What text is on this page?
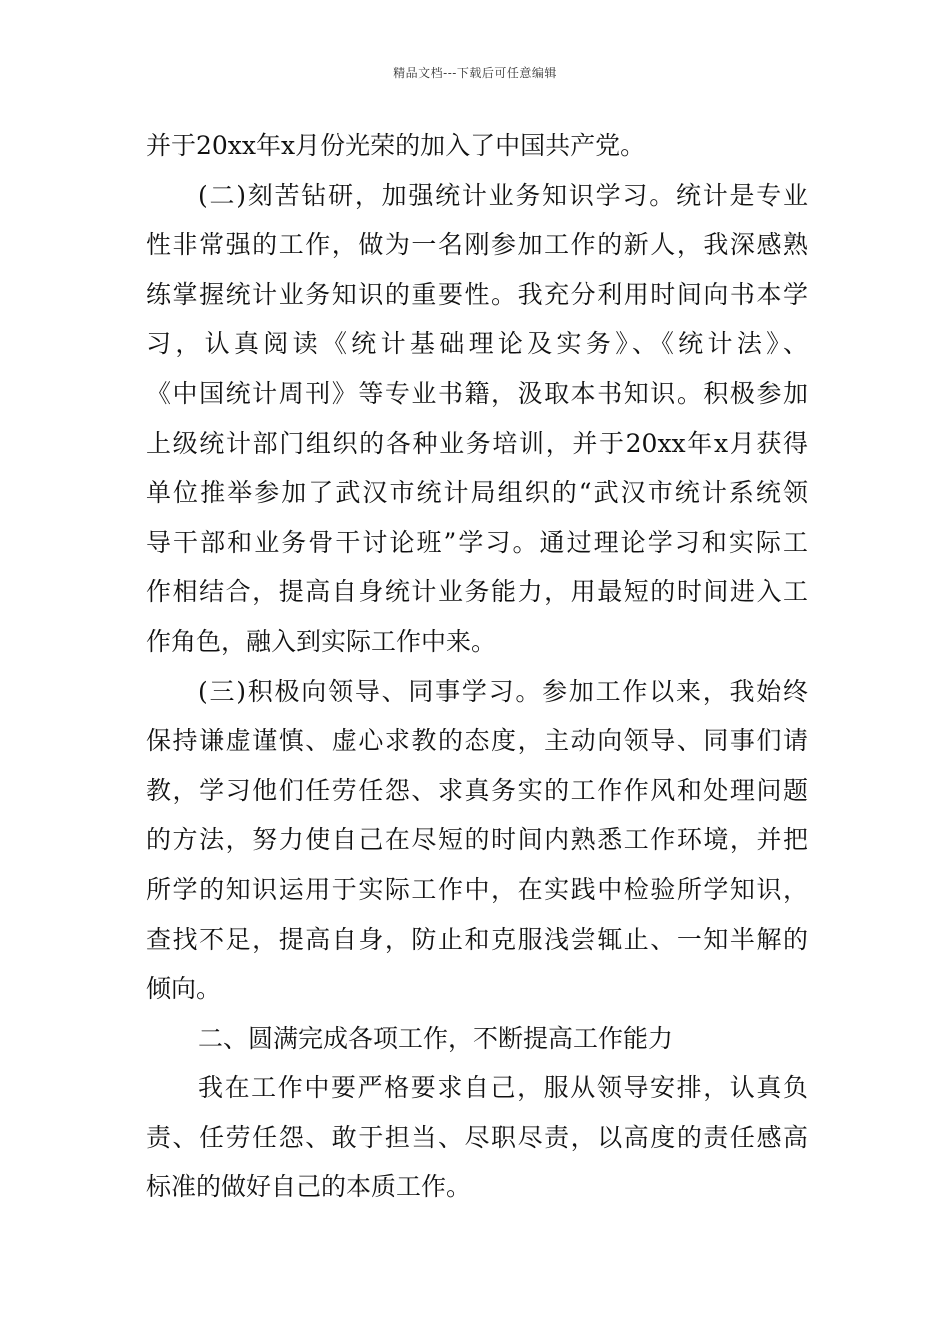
精品文档---下载后可任意编辑
并于20xx年x月份光荣的加入了中国共产党。
(二)刻苦钻研，加强统计业务知识学习。统计是专业
性非常强的工作，做为一名刚参加工作的新人，我深感熟
练掌握统计业务知识的重要性。我充分利用时间向书本学
习，认真阅读《统计基础理论及实务》、《统计法》、
《中国统计周刊》等专业书籍，汲取本书知识。积极参加
上级统计部门组织的各种业务培训，并于20xx年x月获得
单位推举参加了武汉市统计局组织的“武汉市统计系统领
导干部和业务骨干讨论班”学习。通过理论学习和实际工
作相结合，提高自身统计业务能力，用最短的时间进入工
作角色，融入到实际工作中来。
(三)积极向领导、同事学习。参加工作以来，我始终
保持谦虚谨慎、虚心求教的态度，主动向领导、同事们请
教，学习他们任劳任怨、求真务实的工作作风和处理问题
的方法，努力使自己在尽短的时间内熟悉工作环境，并把
所学的知识运用于实际工作中，在实践中检验所学知识，
查找不足，提高自身，防止和克服浅尝辄止、一知半解的
倾向。
二、圆满完成各项工作，不断提高工作能力
我在工作中要严格要求自己，服从领导安排，认真负
责、任劳任怨、敢于担当、尽职尽责，以高度的责任感高
标准的做好自己的本质工作。
